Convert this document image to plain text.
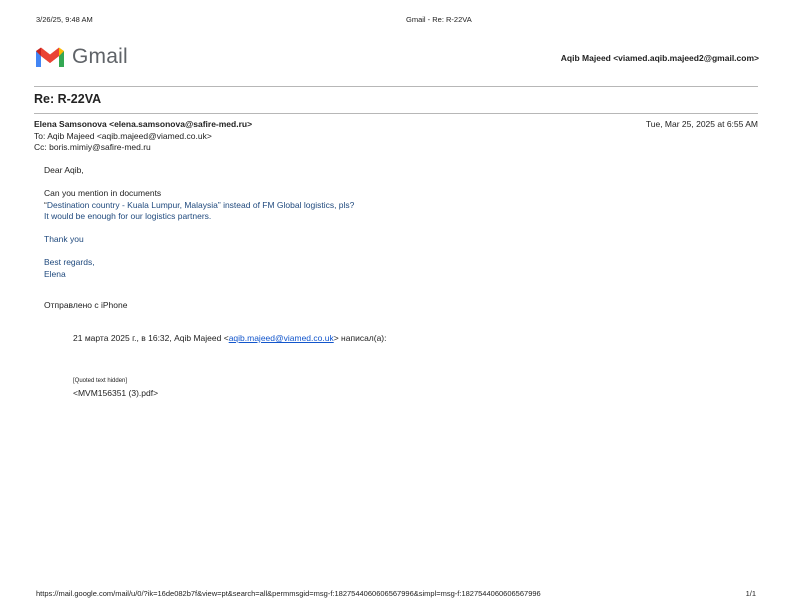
3/26/25, 9:48 AM	Gmail - Re: R-22VA
Gmail	Aqib Majeed <viamed.aqib.majeed2@gmail.com>
Re: R-22VA
Elena Samsonova <elena.samsonova@safire-med.ru>
To: Aqib Majeed <aqib.majeed@viamed.co.uk>
Cc: boris.mimiy@safire-med.ru
Tue, Mar 25, 2025 at 6:55 AM
Dear Aqib,
Can you mention in documents
“Destination country - Kuala Lumpur, Malaysia” instead of FM Global logistics, pls?
It would be enough for our logistics partners.
Thank you
Best regards,
Elena
Отправлено с iPhone
21 марта 2025 г., в 16:32, Aqib Majeed <aqib.majeed@viamed.co.uk> написал(а):
[Quoted text hidden]
<MVM156351 (3).pdf>
https://mail.google.com/mail/u/0/?ik=16de082b7f&view=pt&search=all&permmsgid=msg-f:1827544060606567996&simpl=msg-f:1827544060606567996	1/1
